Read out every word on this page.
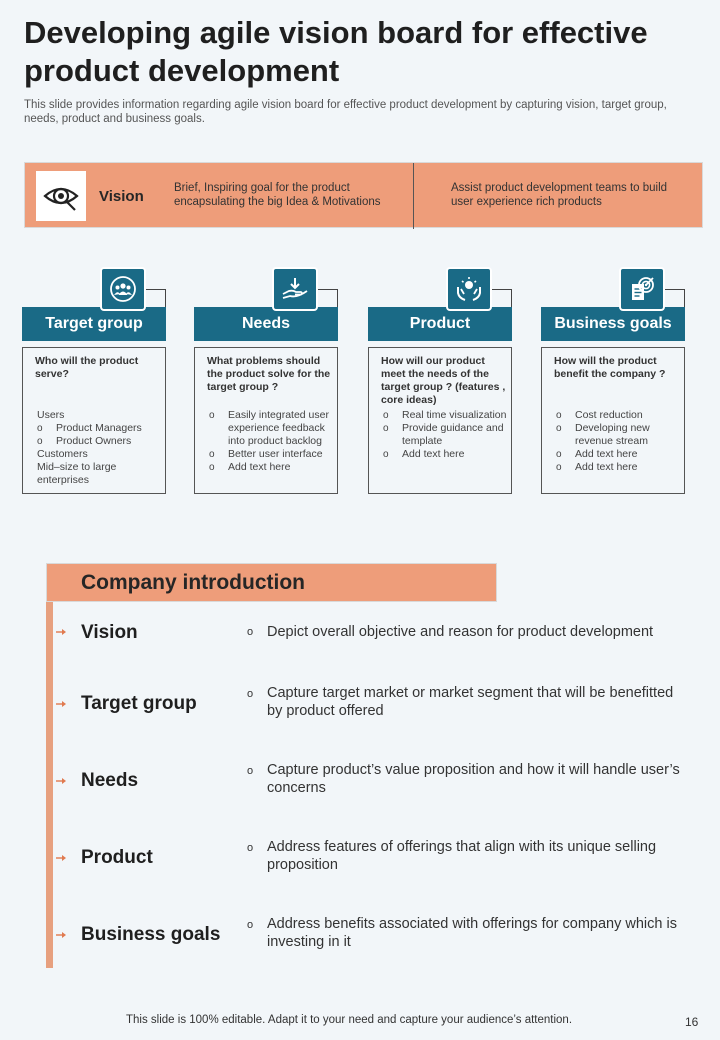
Developing agile vision board for effective product development
This slide provides information regarding agile vision board for effective product development by capturing vision, target group, needs, product and business goals.
Vision	Brief, Inspiring goal for the product encapsulating the big Idea & Motivations
Assist product development teams to build user experience rich products
Target group
Who will the product serve?
Users
o Product Managers
o Product Owners
Customers
Mid–size to large enterprises
Needs
What problems should the product solve for the target group ?
o Easily integrated user experience feedback into product backlog
o Better user interface
o Add text here
Product
How will our product meet the needs of the target group ? (features , core ideas)
o Real time visualization
o Provide guidance and template
o Add text here
Business goals
How will the product benefit the company ?
o Cost reduction
o Developing new revenue stream
o Add text here
o Add text here
Company introduction
Vision	o Depict overall objective and reason for product development
Target group	o Capture target market or market segment that will be benefitted by product offered
Needs	o Capture product’s value proposition and how it will handle user’s concerns
Product	o Address features of offerings that align with its unique selling proposition
Business goals o Address benefits associated with offerings for company which is investing in it
This slide is 100% editable. Adapt it to your need and capture your audience’s attention.	16
